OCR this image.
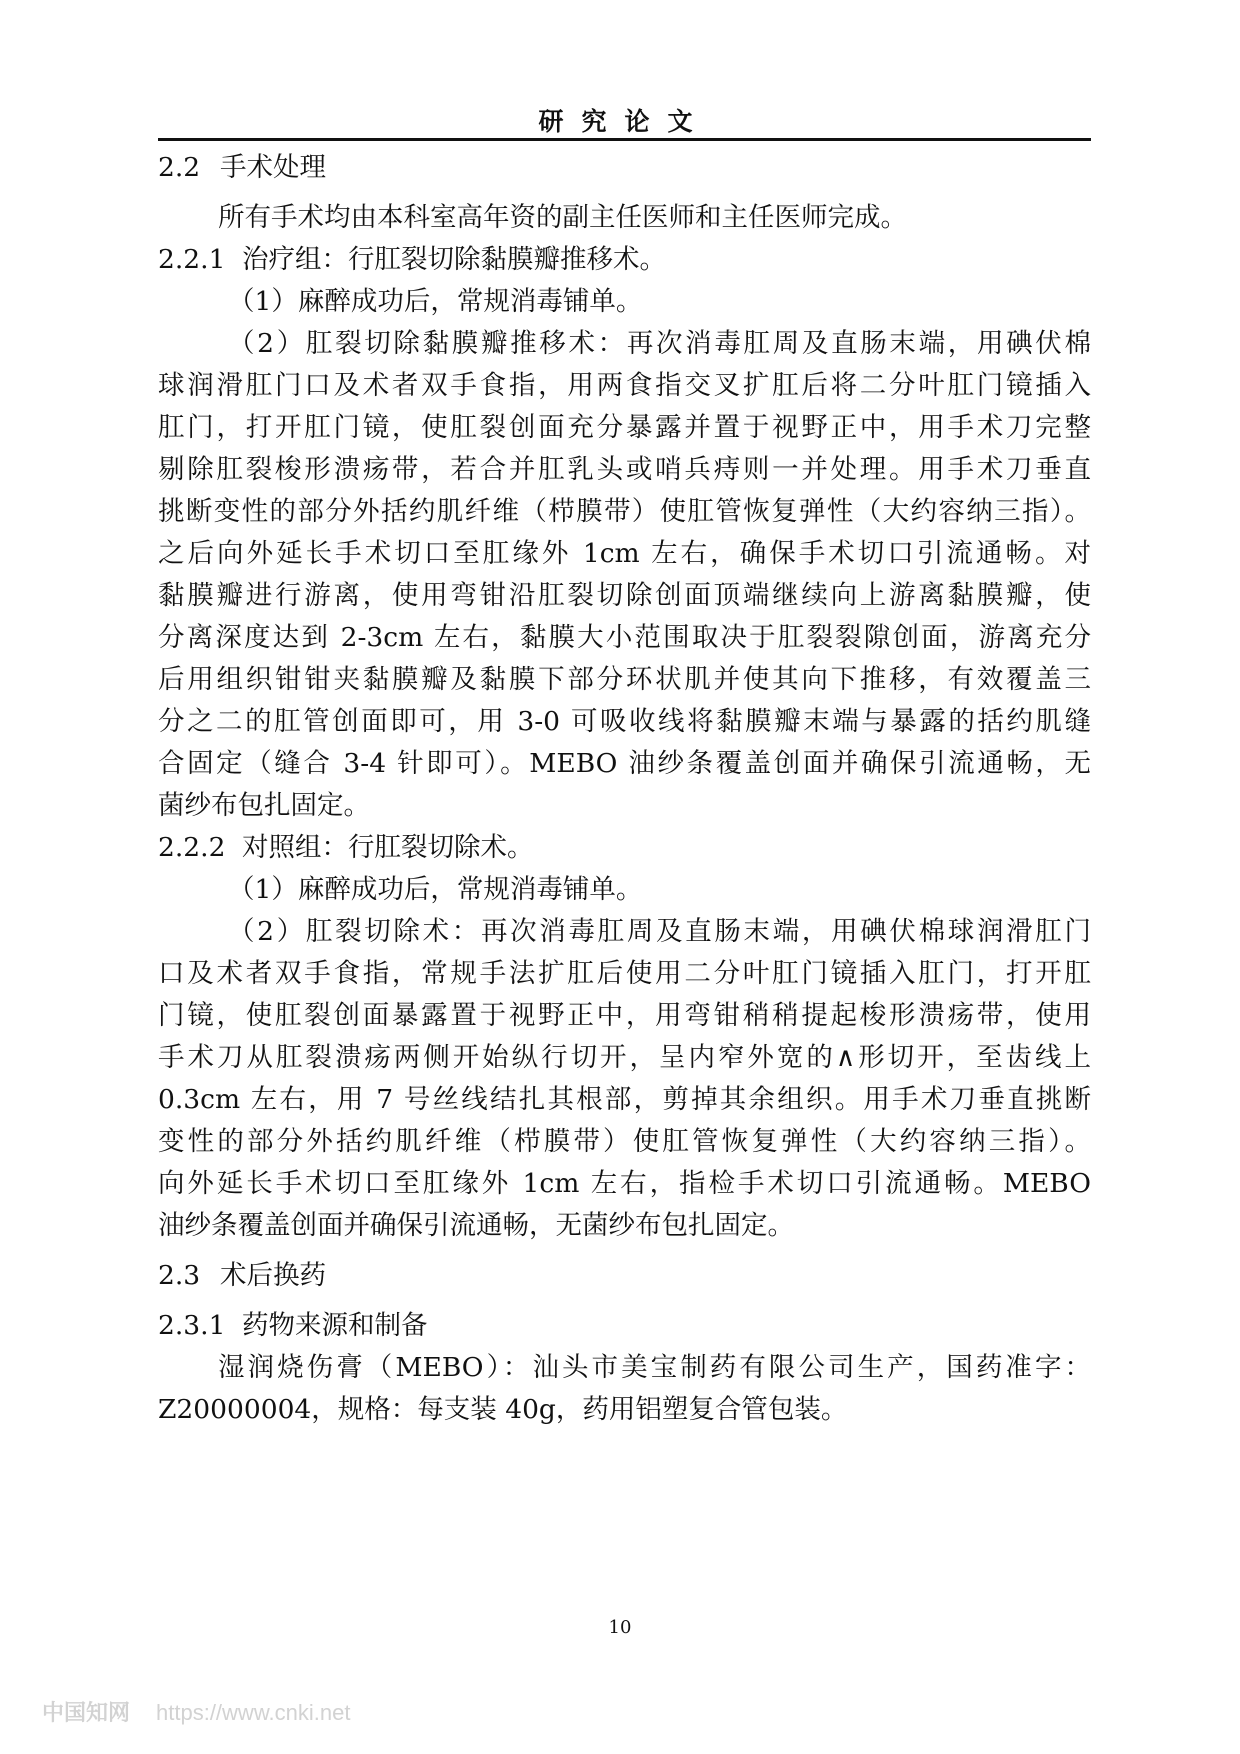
研究论文
2.2 手术处理
所有手术均由本科室高年资的副主任医师和主任医师完成。
2.2.1 治疗组：行肛裂切除黏膜瓣推移术。
（1）麻醉成功后，常规消毒铺单。
（2）肛裂切除黏膜瓣推移术：再次消毒肛周及直肠末端，用碘伏棉
球润滑肛门口及术者双手食指，用两食指交叉扩肛后将二分叶肛门镜插入
肛门，打开肛门镜，使肛裂创面充分暴露并置于视野正中，用手术刀完整
剔除肛裂梭形溃疡带，若合并肛乳头或哨兵痔则一并处理。用手术刀垂直
挑断变性的部分外括约肌纤维（栉膜带）使肛管恢复弹性（大约容纳三指）。
之后向外延长手术切口至肛缘外 1cm 左右，确保手术切口引流通畅。对
黏膜瓣进行游离，使用弯钳沿肛裂切除创面顶端继续向上游离黏膜瓣，使
分离深度达到 2-3cm 左右，黏膜大小范围取决于肛裂裂隙创面，游离充分
后用组织钳钳夹黏膜瓣及黏膜下部分环状肌并使其向下推移，有效覆盖三
分之二的肛管创面即可，用 3-0 可吸收线将黏膜瓣末端与暴露的括约肌缝
合固定（缝合 3-4 针即可）。MEBO 油纱条覆盖创面并确保引流通畅，无
菌纱布包扎固定。
2.2.2 对照组：行肛裂切除术。
（1）麻醉成功后，常规消毒铺单。
（2）肛裂切除术：再次消毒肛周及直肠末端，用碘伏棉球润滑肛门
口及术者双手食指，常规手法扩肛后使用二分叶肛门镜插入肛门，打开肛
门镜，使肛裂创面暴露置于视野正中，用弯钳稍稍提起梭形溃疡带，使用
手术刀从肛裂溃疡两侧开始纵行切开，呈内窄外宽的∧形切开，至齿线上
0.3cm 左右，用 7 号丝线结扎其根部，剪掉其余组织。用手术刀垂直挑断
变性的部分外括约肌纤维（栉膜带）使肛管恢复弹性（大约容纳三指）。
向外延长手术切口至肛缘外 1cm 左右，指检手术切口引流通畅。MEBO
油纱条覆盖创面并确保引流通畅，无菌纱布包扎固定。
2.3 术后换药
2.3.1 药物来源和制备
湿润烧伤膏（MEBO）：汕头市美宝制药有限公司生产，国药准字：
Z20000004，规格：每支装 40g，药用铝塑复合管包装。
10
中国知网 https://www.cnki.net
